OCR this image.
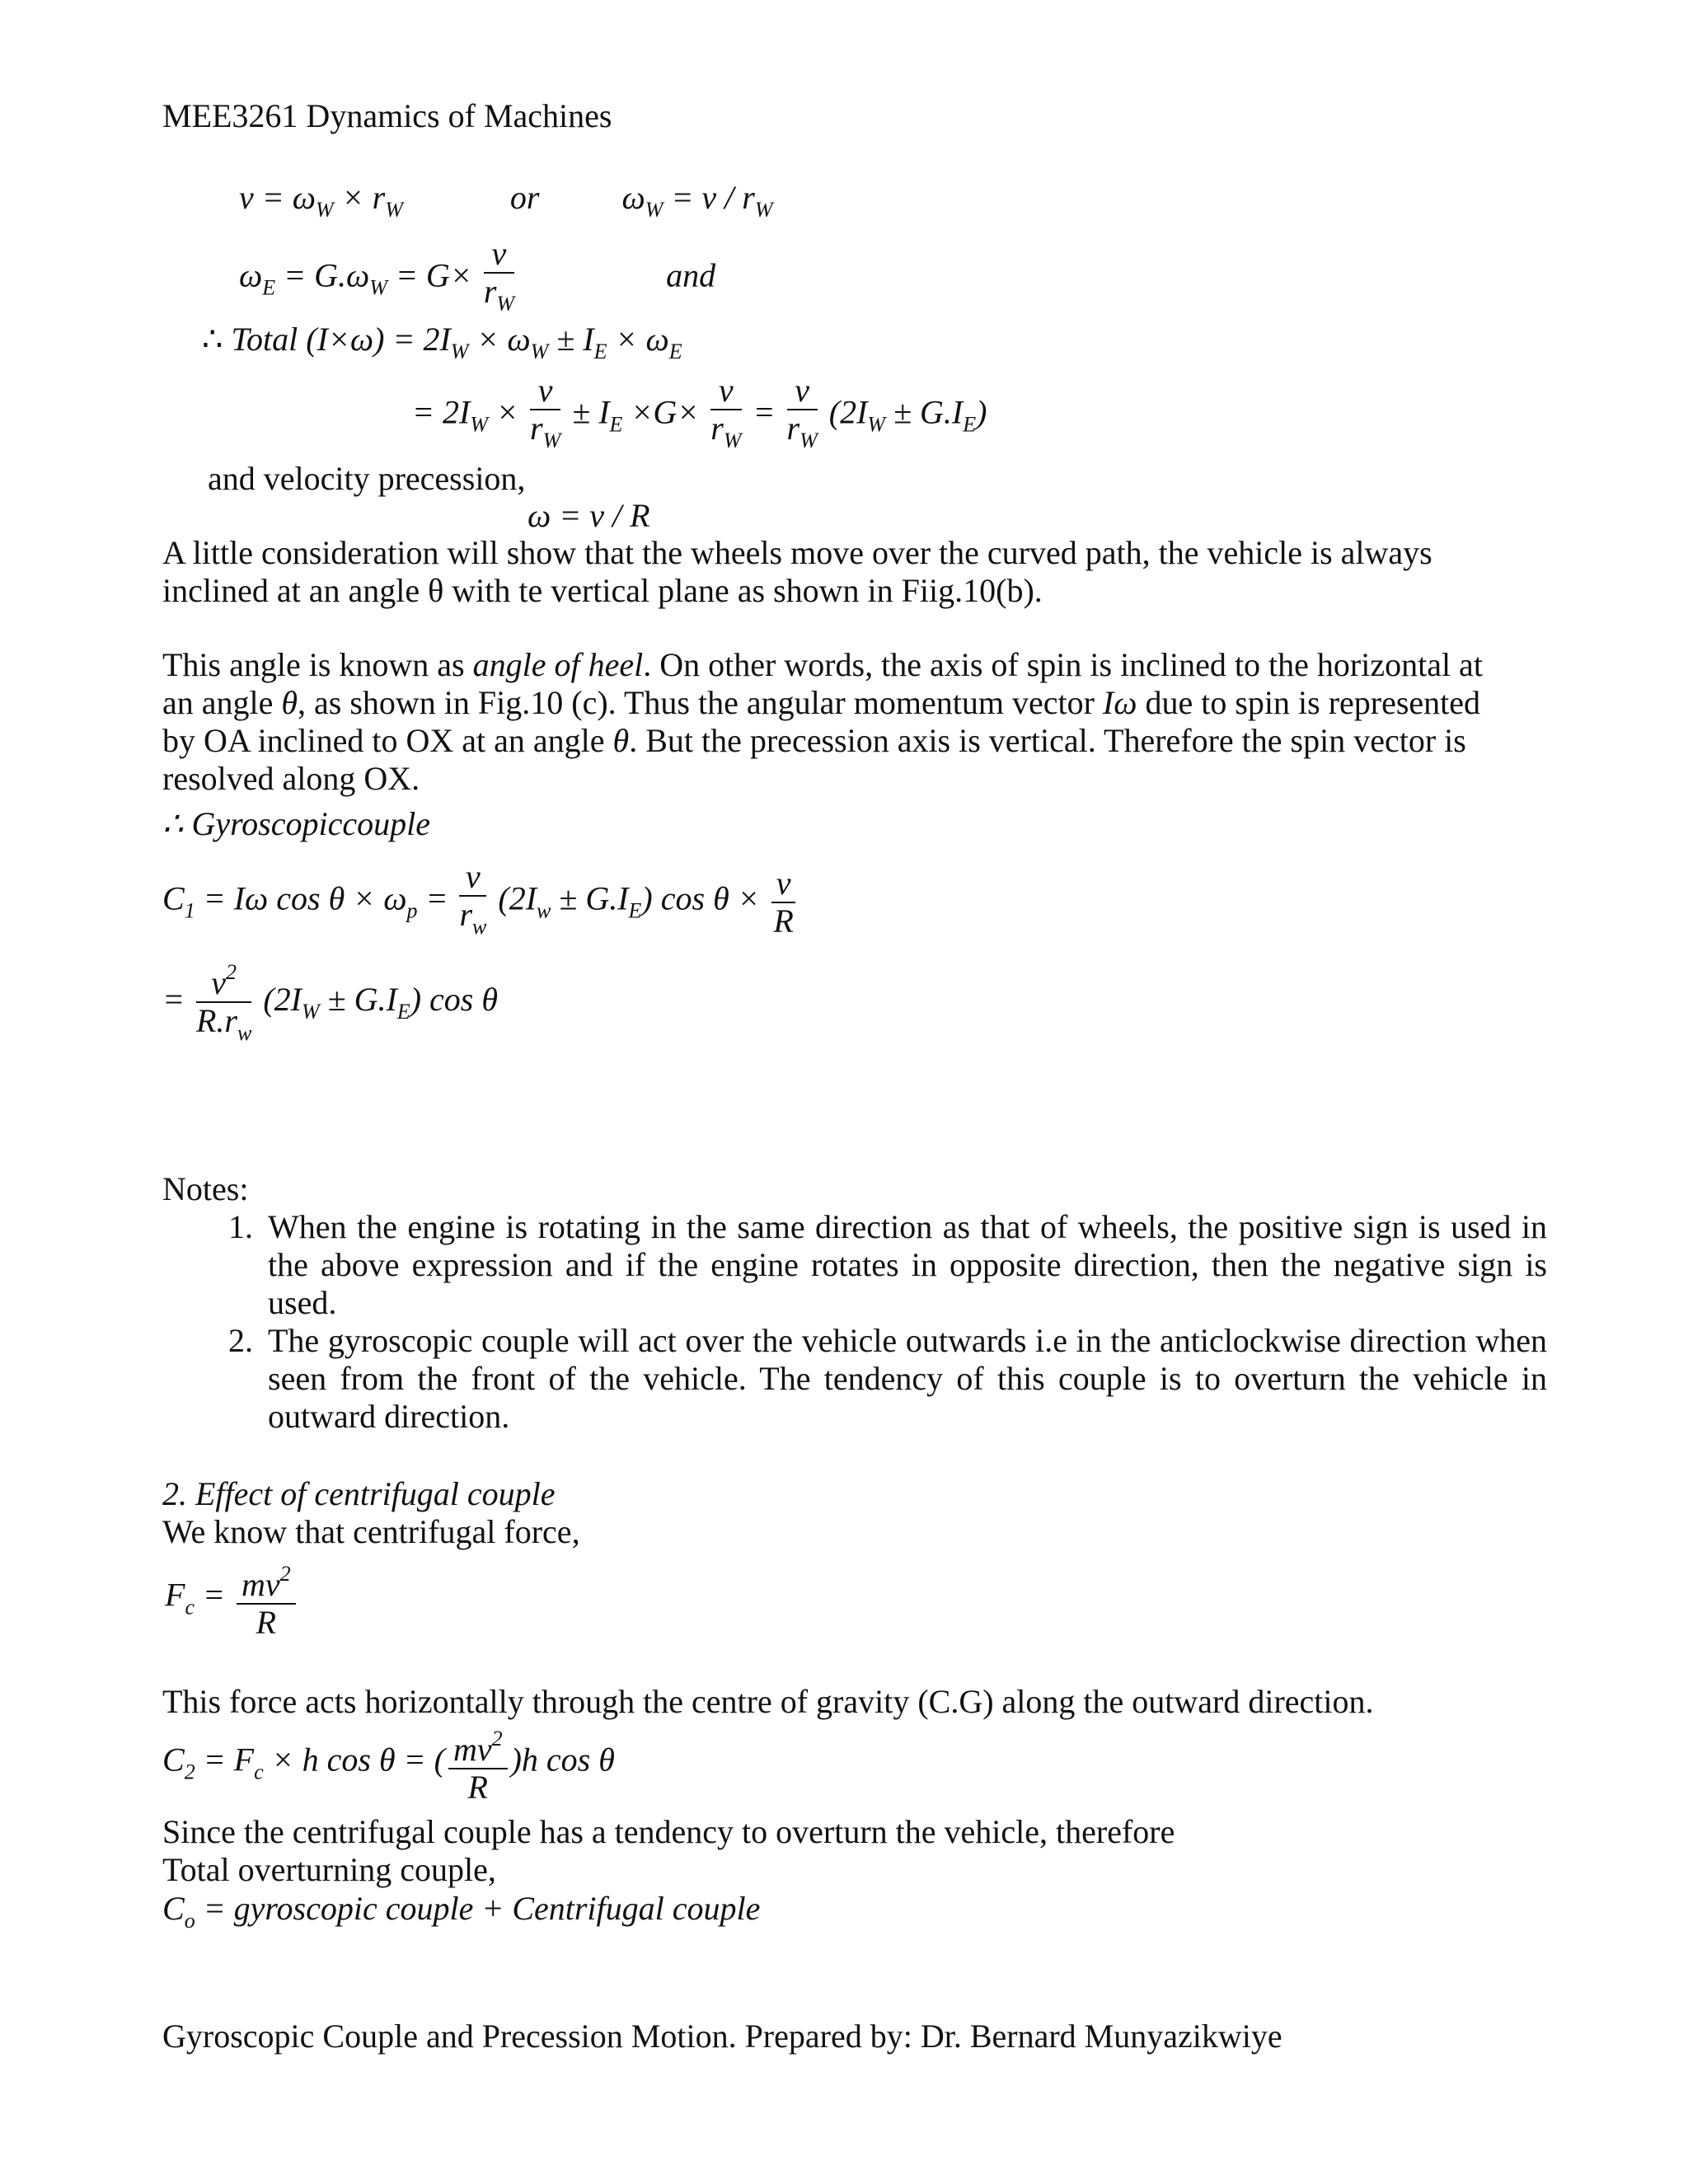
MEE3261 Dynamics of Machines
$v = \omega_W \times r_W$	or	$\omega_W = v / r_W$
$\omega_E = G.\omega_W = G\times \frac{v}{r_W}$	and
∴ Total $(I\times\omega) = 2I_W \times \omega_W \pm I_E \times \omega_E$
= $2I_W \times \frac{v}{r_W} \pm I_E \times G\times \frac{v}{r_W} = \frac{v}{r_W} (2I_W \pm G.I_E)$
and velocity precession,
ω = v / R
A little consideration will show that the wheels move over the curved path, the vehicle is always inclined at an angle θ with te vertical plane as shown in Fiig.10(b).
This angle is known as angle of heel. On other words, the axis of spin is inclined to the horizontal at an angle θ, as shown in Fig.10 (c). Thus the angular momentum vector Iω due to spin is represented by OA inclined to OX at an angle θ. But the precession axis is vertical. Therefore the spin vector is resolved along OX.
∴ Gyroscopiccouple
$C_1 = I\omega$ $\cos \theta \times \omega_p = \frac{v}{r_w} (2I_w \pm G.I_E)$ $\cos \theta \times \frac{v}{R}$
= $\frac{v^2}{R.r_w} (2I_W \pm G.I_E)$ cos θ
Notes:
1. When the engine is rotating in the same direction as that of wheels, the positive sign is used in the above expression and if the engine rotates in opposite direction, then the negative sign is used.
2. The gyroscopic couple will act over the vehicle outwards i.e in the anticlockwise direction when seen from the front of the vehicle. The tendency of this couple is to overturn the vehicle in outward direction.
2. Effect of centrifugal couple
We know that centrifugal force,
$F_c = \frac{mv^2}{R}$
This force acts horizontally through the centre of gravity (C.G) along the outward direction.
$C_2 = F_c \times h$ cos θ = ( $\frac{mv^2}{R} )h$ cos θ
Since the centrifugal couple has a tendency to overturn the vehicle, therefore
Total overturning couple,
$C_o$ = gyroscopic couple + Centrifugal couple
Gyroscopic Couple and Precession Motion. Prepared by: Dr. Bernard Munyazikwiye
